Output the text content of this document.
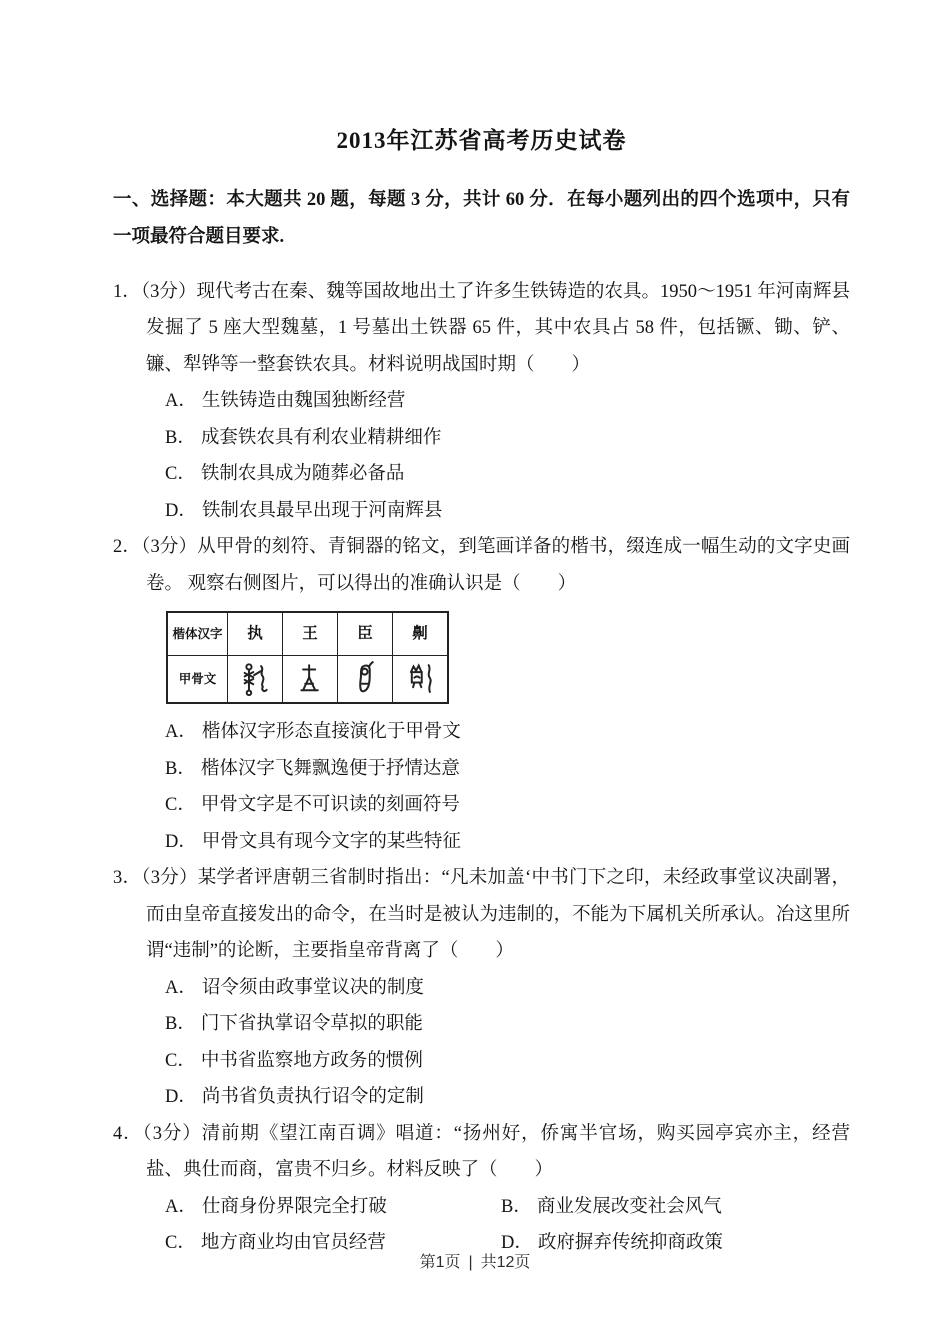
2013年江苏省高考历史试卷

一、选择题：本大题共 20 题，每题 3 分，共计 60 分．在每小题列出的四个选项中，只有一项最符合题目要求.

1．（3分）现代考古在秦、魏等国故地出土了许多生铁铸造的农具。1950～1951 年河南辉县发掘了 5 座大型魏墓，1 号墓出土铁器 65 件，其中农具占 58 件，包括镢、锄、铲、镰、犁铧等一整套铁农具。材料说明战国时期（　　）

A． 生铁铸造由魏国独断经营
B． 成套铁农具有利农业精耕细作
C． 铁制农具成为随葬必备品
D． 铁制农具最早出现于河南辉县

2．（3分）从甲骨的刻符、青铜器的铭文，到笔画详备的楷书，缀连成一幅生动的文字史画卷。 观察右侧图片，可以得出的准确认识是（　　）

楷体汉字	执	王	臣	劓
甲骨文	

A． 楷体汉字形态直接演化于甲骨文
B． 楷体汉字飞舞飘逸便于抒情达意
C． 甲骨文字是不可识读的刻画符号
D． 甲骨文具有现今文字的某些特征

3．（3分）某学者评唐朝三省制时指出：“凡未加盖‘中书门下之印，未经政事堂议决副署，而由皇帝直接发出的命令，在当时是被认为违制的，不能为下属机关所承认。冶这里所谓“违制”的论断，主要指皇帝背离了（　　）

A． 诏令须由政事堂议决的制度
B． 门下省执掌诏令草拟的职能
C． 中书省监察地方政务的惯例
D． 尚书省负责执行诏令的定制

4．（3分）清前期《望江南百调》唱道：“扬州好，侨寓半官场，购买园亭宾亦主，经营盐、典仕而商，富贵不归乡。材料反映了（　　）

A． 仕商身份界限完全打破	B． 商业发展改变社会风气
C． 地方商业均由官员经营	D． 政府摒弃传统抑商政策
第1页 | 共12页
